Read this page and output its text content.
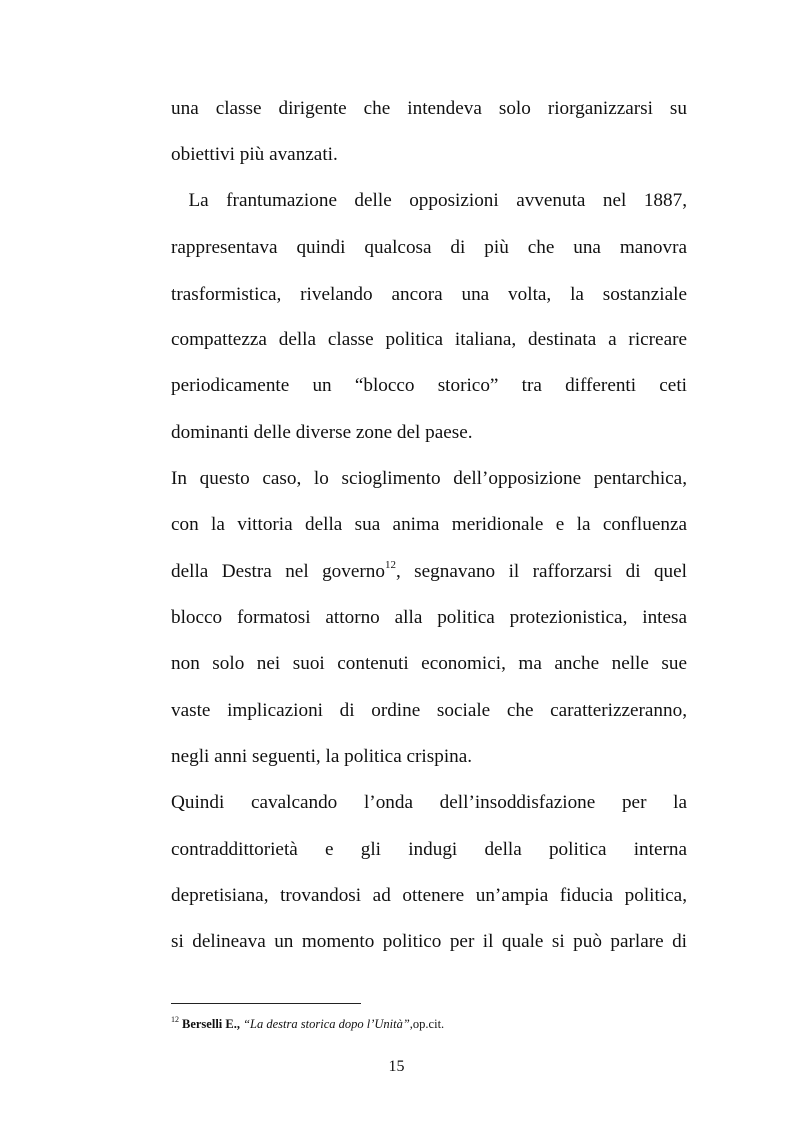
una classe dirigente che intendeva solo riorganizzarsi su
obiettivi più avanzati.
La frantumazione delle opposizioni avvenuta nel 1887,
rappresentava quindi qualcosa di più che una manovra
trasformistica, rivelando ancora una volta, la sostanziale
compattezza della classe politica italiana, destinata a ricreare
periodicamente un “blocco storico” tra differenti ceti
dominanti delle diverse zone del paese.
In questo caso, lo scioglimento dell’opposizione pentarchica,
con la vittoria della sua anima meridionale e la confluenza
della Destra nel governo$^{12}$, segnavano il rafforzarsi di quel
blocco formatosi attorno alla politica protezionistica, intesa
non solo nei suoi contenuti economici, ma anche nelle sue
vaste implicazioni di ordine sociale che caratterizzeranno,
negli anni seguenti, la politica crispina.
Quindi cavalcando l’onda dell’insoddisfazione per la
contraddittorietà e gli indugi della politica interna
depretisiana, trovandosi ad ottenere un’ampia fiducia politica,
si delineava un momento politico per il quale si può parlare di
$^{12}$ Berselli E., “La destra storica dopo l’Unità”,op.cit.
15
